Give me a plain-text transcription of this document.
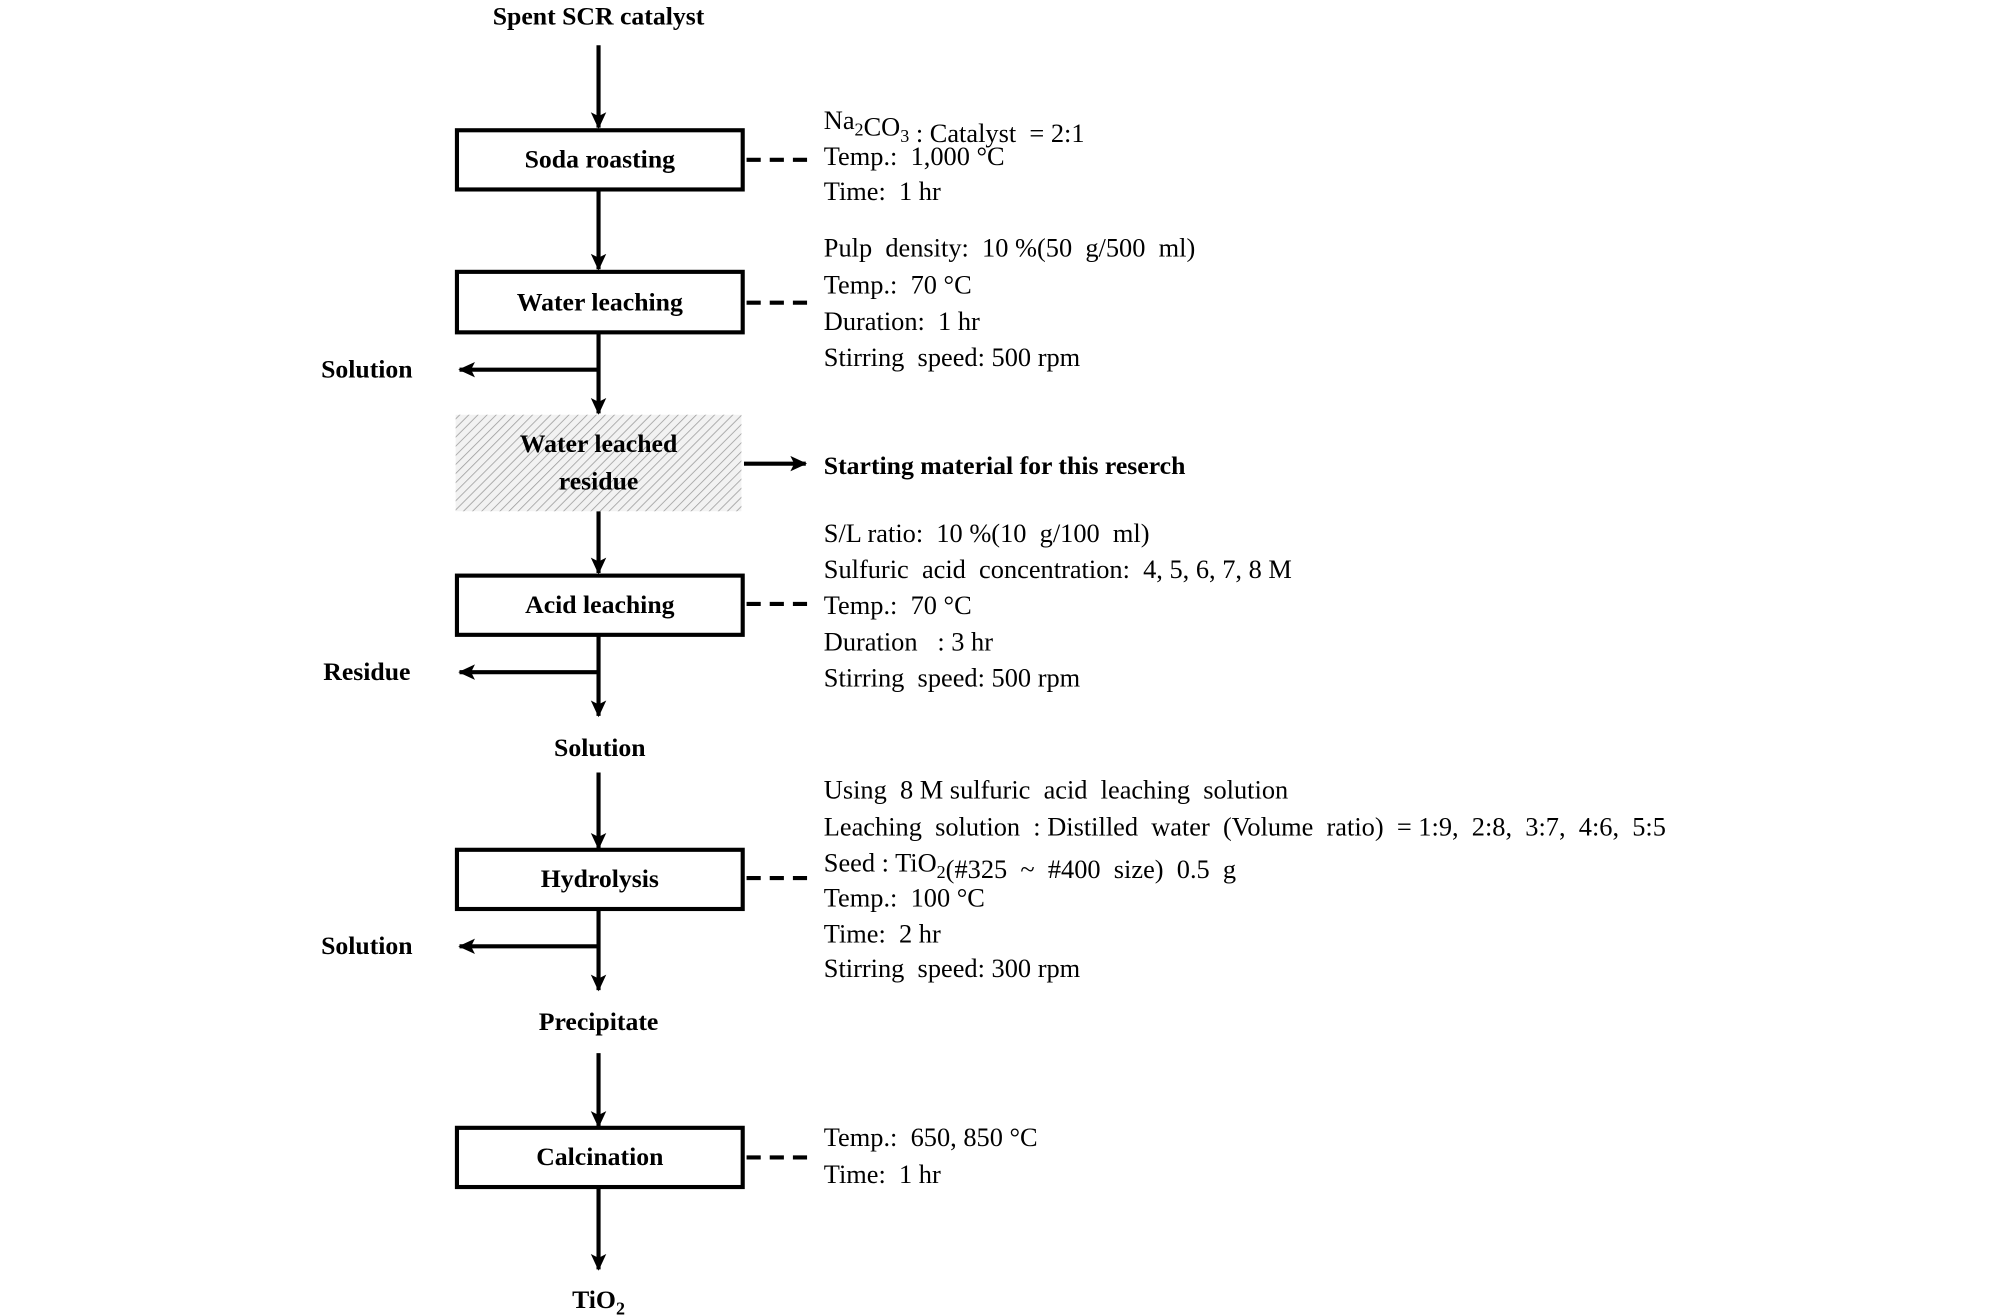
Spent SCR catalyst
Soda roasting
Water leaching
Water leached
residue
Starting material for this reserch
Acid leaching
Hydrolysis
Calcination
Solution
Residue
Solution
Solution
Precipitate
TiO$_2$
$Na_2CO_3$ : Catalyst  = 2:1
Temp.:  1,000 °C
Time:  1 hr
Pulp  density:  10 %(50  g/500  ml)
Temp.:  70 °C
Duration:  1 hr
Stirring  speed: 500 rpm
S/L ratio:  10 %(10  g/100  ml)
Sulfuric  acid  concentration:  4, 5, 6, 7, 8 M
Temp.:  70 °C
Duration   : 3 hr
Stirring  speed: 500 rpm
Using  8 M sulfuric  acid  leaching  solution
Leaching  solution  : Distilled  water  (Volume  ratio)  = 1:9,  2:8,  3:7,  4:6,  5:5
Seed : TiO$_2$(#325  ~  #400  size)  0.5  g
Temp.:  100 °C
Time:  2 hr
Stirring  speed: 300 rpm
Temp.:  650, 850 °C
Time:  1 hr
